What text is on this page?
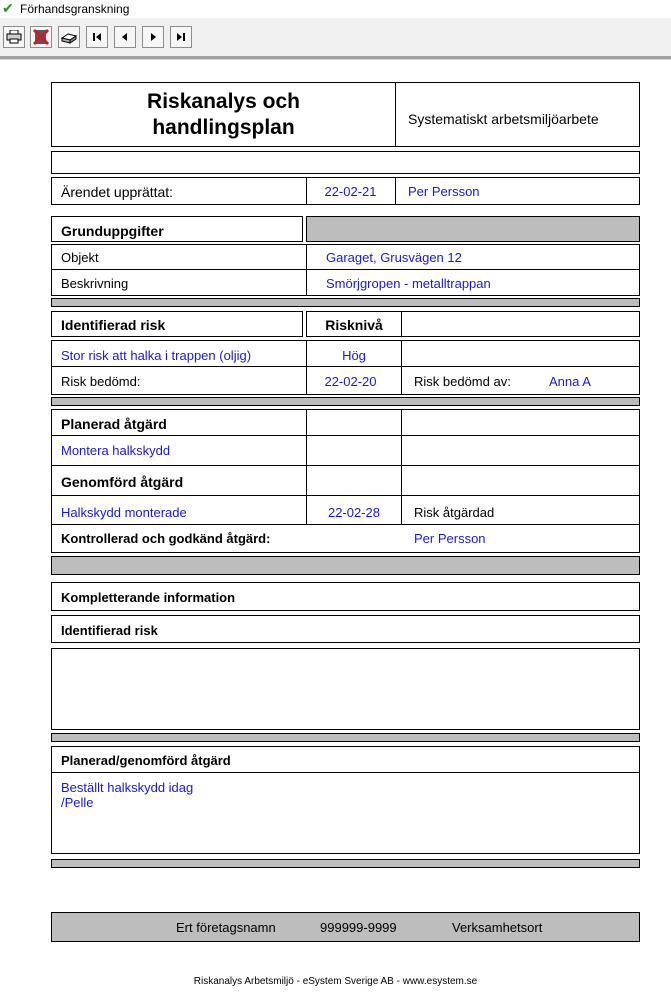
✔ Förhandsgranskning
Riskanalys och
handlingsplan	Systematiskt arbetsmiljöarbete
Ärendet upprättat:	22-02-21	Per Persson
Grunduppgifter
Objekt	Garaget, Grusvägen 12
Beskrivning	Smörjgropen - metalltrappan
Identifierad risk	Risknivå
Stor risk att halka i trappen (oljig)	Hög
Risk bedömd:	22-02-20	Risk bedömd av:	Anna A
Planerad åtgärd
Montera halkskydd
Genomförd åtgärd
Halkskydd monterade	22-02-28	Risk åtgärdad
Kontrollerad och godkänd åtgärd:	Per Persson
Kompletterande information
Identifierad risk
Planerad/genomförd åtgärd
Beställt halkskydd idag
/Pelle
Ert företagsnamn	999999-9999	Verksamhetsort
Riskanalys Arbetsmiljö - eSystem Sverige AB - www.esystem.se
